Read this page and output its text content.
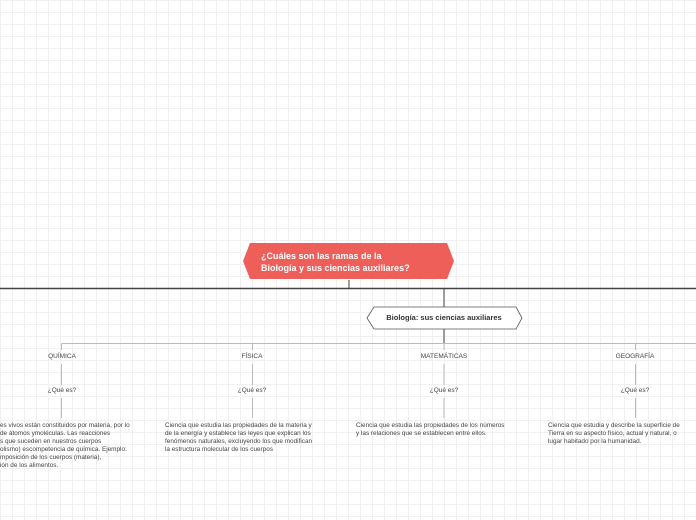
¿Cuáles son las ramas de la
Biología y sus ciencias auxiliares?
Biología: sus ciencias auxiliares
QUÍMICA
¿Qué es?
es vivos están constituidos por materia, por lo
de átomos ymoléculas. Las reacciones
s que suceden en nuestros cuerpos
olismo) escompetencia de química. Ejemplo:
mposición de los cuerpos (materia),
ión de los alimentos.
FÍSICA
¿Qué es?
Ciencia que estudia las propiedades de la materia y
de la energía y establece las leyes que explican los
fenómenos naturales, excluyendo los que modifican
la estructura molecular de los cuerpos
MATEMÁTICAS
¿Qué es?
Ciencia que estudia las propiedades de los números
y las relaciones que se establecen entre ellos.
GEOGRAFÍA
¿Qué es?
Ciencia que estudia y describe la superficie de
Tierra en su aspecto físico, actual y natural, o
lugar habitado por la humanidad.
